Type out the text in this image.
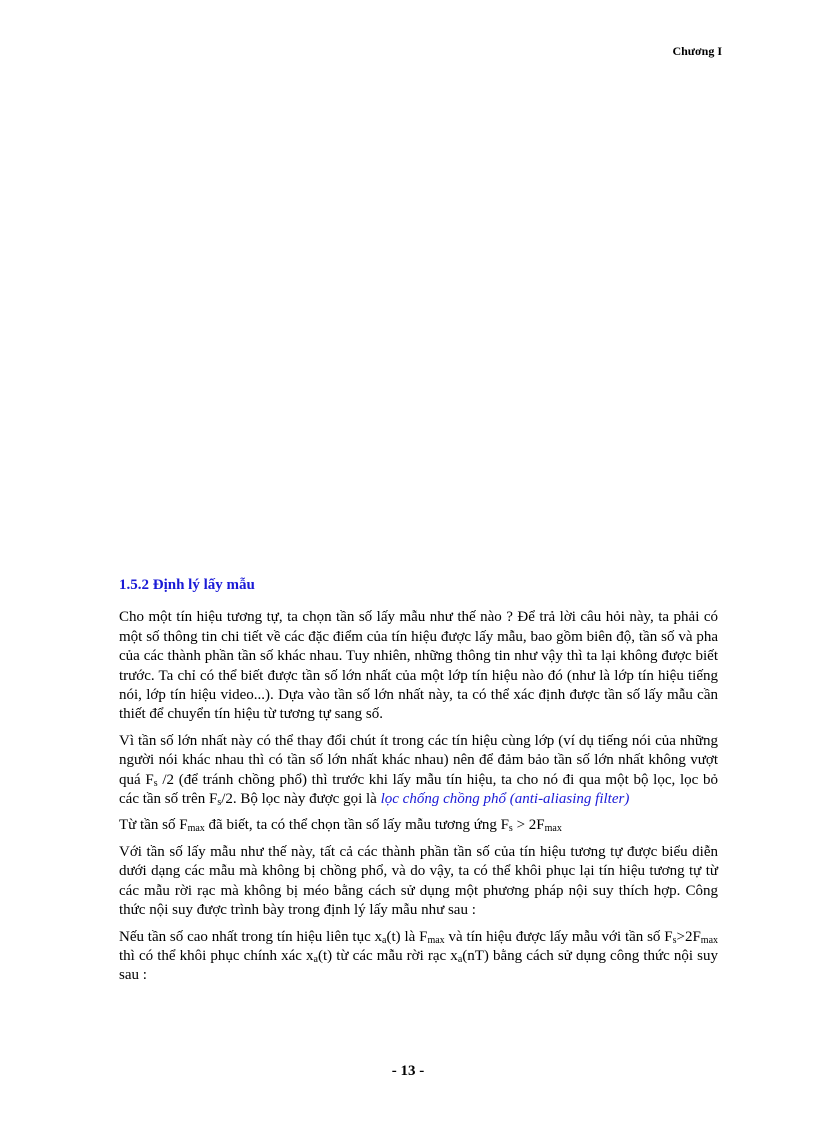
Chương I
1.5.2 Định lý lấy mẫu

Cho một tín hiệu tương tự, ta chọn tần số lấy mẫu như thế nào ? Để trả lời câu hỏi này, ta phải có một số thông tin chi tiết về các đặc điểm của tín hiệu được lấy mẫu, bao gồm biên độ, tần số và pha của các thành phần tần số khác nhau. Tuy nhiên, những thông tin như vậy thì ta lại không được biết trước. Ta chỉ có thể biết được tần số lớn nhất của một lớp tín hiệu nào đó (như là lớp tín hiệu tiếng nói, lớp tín hiệu video...). Dựa vào tần số lớn nhất này, ta có thể xác định được tần số lấy mẫu cần thiết để chuyển tín hiệu từ tương tự sang số.

Vì tần số lớn nhất này có thể thay đổi chút ít trong các tín hiệu cùng lớp (ví dụ tiếng nói của những người nói khác nhau thì có tần số lớn nhất khác nhau) nên để đảm bảo tần số lớn nhất không vượt quá $F_s$ /2 (để tránh chồng phổ) thì trước khi lấy mẫu tín hiệu, ta cho nó đi qua một bộ lọc, lọc bỏ các tần số trên $F_s/2$. Bộ lọc này được gọi là lọc chống chồng phổ (anti-aliasing filter)

Từ tần số $F_{max}$ đã biết, ta có thể chọn tần số lấy mẫu tương ứng $F_s > 2F_{max}$

Với tần số lấy mẫu như thế này, tất cả các thành phần tần số của tín hiệu tương tự được biểu diễn dưới dạng các mẫu mà không bị chồng phổ, và do vậy, ta có thể khôi phục lại tín hiệu tương tự từ các mẫu rời rạc mà không bị méo bằng cách sử dụng một phương pháp nội suy thích hợp. Công thức nội suy được trình bày trong định lý lấy mẫu như sau :

Nếu tần số cao nhất trong tín hiệu liên tục $x_a(t)$ là $F_{max}$ và tín hiệu được lấy mẫu với tần số $F_s>2F_{max}$ thì có thể khôi phục chính xác $x_a(t)$ từ các mẫu rời rạc $x_a(nT)$ bằng cách sử dụng công thức nội suy sau :

- 13 -
